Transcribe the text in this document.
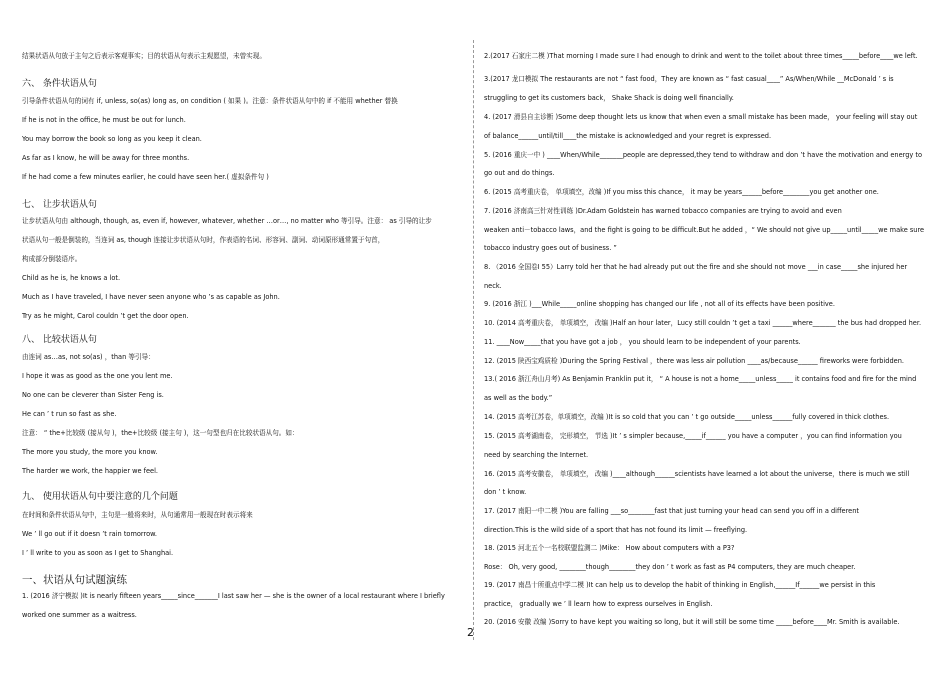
结果状语从句放于主句之后表示客观事实；目的状语从句表示主观愿望，未曾实现。
六、 条件状语从句
引导条件状语从句的词有 if, unless, so(as) long as, on condition ( 如果 )。注意：条件状语从句中的 if 不能用 whether 替换
If he is not in the office, he must be out for lunch.
You may borrow the book so long as you keep it clean.
As far as I know, he will be away for three months.
If he had come a few minutes earlier, he could have seen her.( 虚拟条件句 )
七、 让步状语从句
让步状语从句由 although, though, as, even if, however, whatever, whether …or…, no matter who 等引导。注意： as 引导的让步
状语从句一般是倒装的，当连词 as, though 连接让步状语从句时，作表语的名词、形容词、副词、动词原形通常置于句首，
构成部分倒装语序。
Child as he is, he knows a lot.
Much as I have traveled, I have never seen anyone who ’s as capable as John.
Try as he might, Carol couldn ’t get the door open.
八、 比较状语从句
由连词 as…as, not so(as) ，than 等引导：
I hope it was as good as the one you lent me.
No one can be cleverer than Sister Feng is.
He can ’ t run so fast as she.
注意： “ the+比较级 (接从句 )，the+比较级 (接主句 )，这一句型也归在比较状语从句。如：
The more you study, the more you know.
The harder we work, the happier we feel.
九、 使用状语从句中要注意的几个问题
在时间和条件状语从句中，主句是一般将来时，从句通常用一般现在时表示将来
We ’ ll go out if it doesn ’t rain tomorrow.
I ’ ll write to you as soon as I get to Shanghai.
一、状语从句试题演练
1. (2016 济宁模拟 )It is nearly fifteen years_____since_______I last saw her — she is the owner of a local restaurant where I briefly
worked one summer as a waitress.
2.(2017 石家庄二模 )That morning I made sure I had enough to drink and went to the toilet about three times_____before____we left.
3.(2017 龙口模拟 The restaurants are not “ fast food，They are known as “ fast casual____” As/When/While __McDonald ’ s is
struggling to get its customers back， Shake Shack is doing well financially.
4. (2017 滑县自主诊断 )Some deep thought lets us know that when even a small mistake has been made， your feeling will stay out
of balance______until/till____the mistake is acknowledged and your regret is expressed.
5. (2016 重庆一中 ) ____When/While_______people are depressed,they tend to withdraw and don ’t have the motivation and energy to
go out and do things.
6. (2015 高考重庆卷， 单项填空，改编 )If you miss this chance， it may be years______before________you get another one.
7. (2016 济南高三针对性训练 )Dr.Adam Goldstein has warned tobacco companies are trying to avoid and even
weaken anti－tobacco laws，and the fight is going to be difficult.But he added ，“ We should not give up_____until_____we make sure
tobacco industry goes out of business. ”
8. （2016 全国卷Ⅰ 55）Larry told her that he had already put out the fire and she should not move ___in case_____she injured her
neck.
9. (2016 浙江 )___While_____online shopping has changed our life , not all of its effects have been positive.
10. (2014 高考重庆卷， 单项填空， 改编 )Half an hour later，Lucy still couldn ’t get a taxi ______where_______ the bus had dropped her.
11. ____Now_____that you have got a job ， you should learn to be independent of your parents.
12. (2015 陕西宝鸡质检 )During the Spring Festival ，there was less air pollution ____as/because______ fireworks were forbidden.
13.( 2016 浙江舟山月考) As Benjamin Franklin put it， “ A house is not a home_____unless_____ it contains food and fire for the mind
as well as the body.”
14. (2015 高考江苏卷，单项填空，改编 )It is so cold that you can ’ t go outside_____unless______fully covered in thick clothes.
15. (2015 高考湖南卷， 完形填空， 节选 )It ’ s simpler because,_____if______ you have a computer ，you can find information you
need by searching the Internet.
16. (2015 高考安徽卷， 单项填空， 改编 )____although______scientists have learned a lot about the universe，there is much we still
don ’ t know.
17. (2017 南阳一中二模 )You are falling ___so________fast that just turning your head can send you off in a different
direction.This is the wild side of a sport that has not found its limit — freeflying.
18. (2015 河北五个一名校联盟监测二 )Mike： How about computers with a P3?
Rose： Oh, very good, ________though________they don ’ t work as fast as P4 computers, they are much cheaper.
19. (2017 南昌十所重点中学二模 )It can help us to develop the habit of thinking in English,______If______we persist in this
practice， gradually we ’ ll learn how to express ourselves in English.
20. (2016 安徽 改编 )Sorry to have kept you waiting so long, but it will still be some time _____before____Mr. Smith is available.
2
